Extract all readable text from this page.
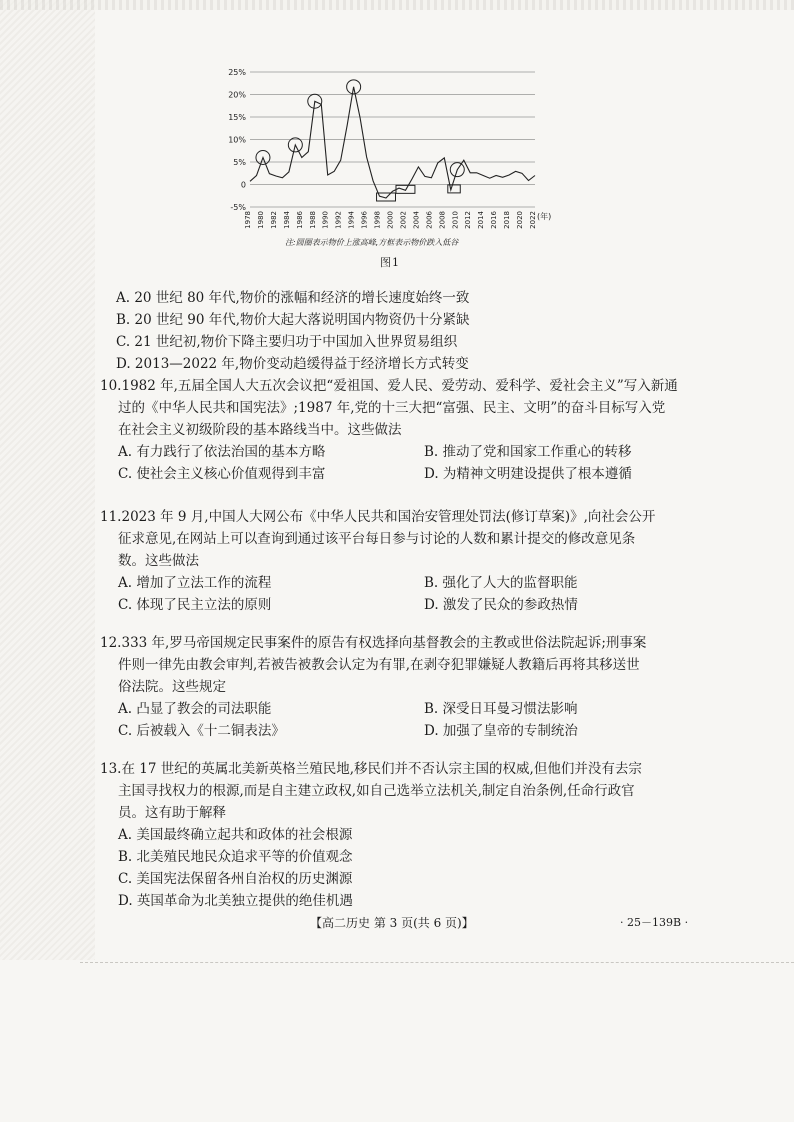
25%
20%
15%
10%
5%
0
-5%
1978 1980 1982 1984 1986 1988 1990 1992 1994 1996 1998 2000 2002 2004 2006 2008 2010 2012 2014 2016 2018 2020 2022 (年)
注:圆圈表示物价上涨高峰,方框表示物价跌入低谷
图1
A. 20 世纪 80 年代,物价的涨幅和经济的增长速度始终一致
B. 20 世纪 90 年代,物价大起大落说明国内物资仍十分紧缺
C. 21 世纪初,物价下降主要归功于中国加入世界贸易组织
D. 2013—2022 年,物价变动趋缓得益于经济增长方式转变
10.1982 年,五届全国人大五次会议把“爱祖国、爱人民、爱劳动、爱科学、爱社会主义”写入新通
过的《中华人民共和国宪法》;1987 年,党的十三大把“富强、民主、文明”的奋斗目标写入党
在社会主义初级阶段的基本路线当中。这些做法
A. 有力践行了依法治国的基本方略	B. 推动了党和国家工作重心的转移
C. 使社会主义核心价值观得到丰富	D. 为精神文明建设提供了根本遵循
11.2023 年 9 月,中国人大网公布《中华人民共和国治安管理处罚法(修订草案)》,向社会公开
征求意见,在网站上可以查询到通过该平台每日参与讨论的人数和累计提交的修改意见条
数。这些做法
A. 增加了立法工作的流程	B. 强化了人大的监督职能
C. 体现了民主立法的原则	D. 激发了民众的参政热情
12.333 年,罗马帝国规定民事案件的原告有权选择向基督教会的主教或世俗法院起诉;刑事案
件则一律先由教会审判,若被告被教会认定为有罪,在剥夺犯罪嫌疑人教籍后再将其移送世
俗法院。这些规定
A. 凸显了教会的司法职能	B. 深受日耳曼习惯法影响
C. 后被载入《十二铜表法》	D. 加强了皇帝的专制统治
13.在 17 世纪的英属北美新英格兰殖民地,移民们并不否认宗主国的权威,但他们并没有去宗
主国寻找权力的根源,而是自主建立政权,如自己选举立法机关,制定自治条例,任命行政官
员。这有助于解释
A. 美国最终确立起共和政体的社会根源
B. 北美殖民地民众追求平等的价值观念
C. 美国宪法保留各州自治权的历史渊源
D. 英国革命为北美独立提供的绝佳机遇
【高二历史 第 3 页(共 6 页)】	· 25－139B ·
